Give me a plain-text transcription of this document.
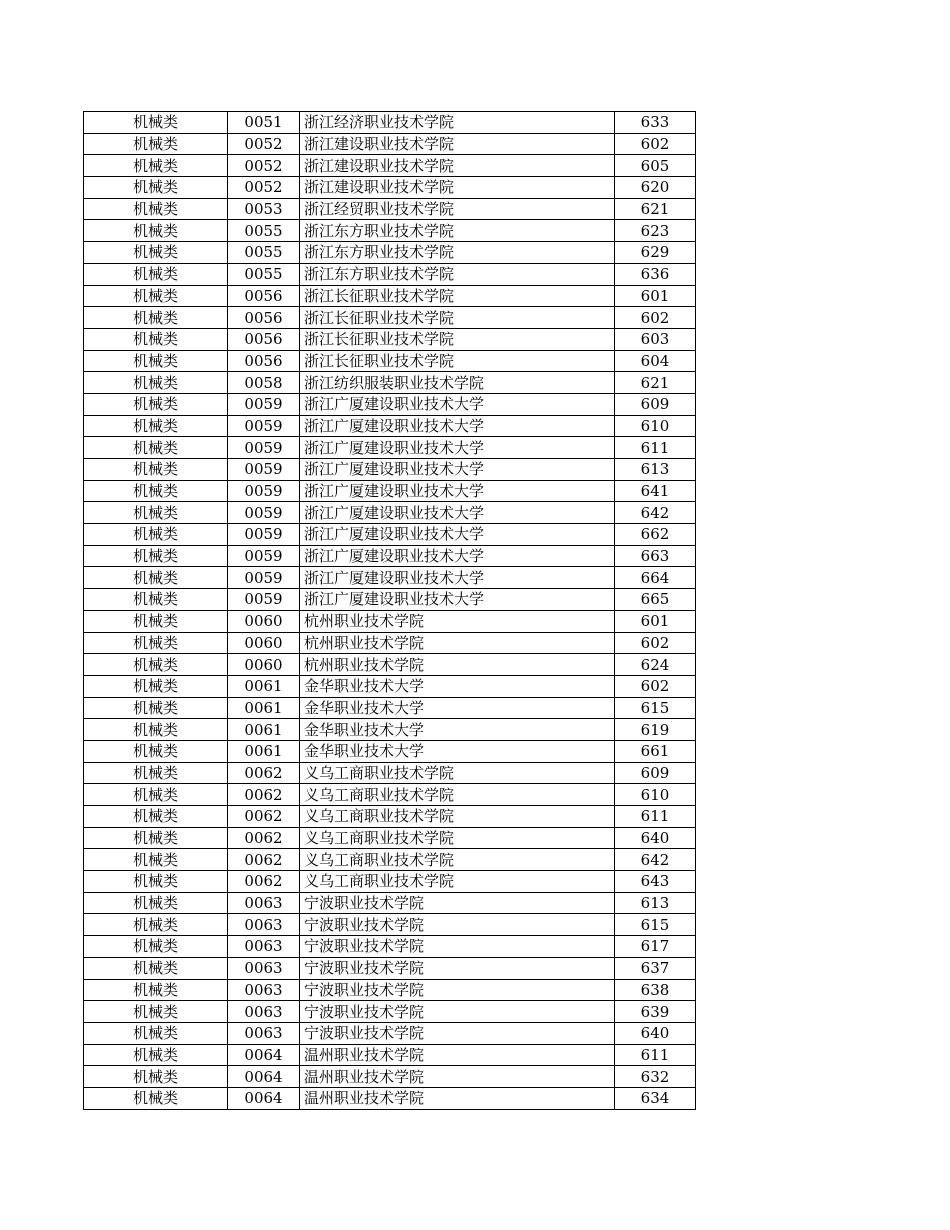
机械类	0051	浙江经济职业技术学院	633
机械类	0052	浙江建设职业技术学院	602
机械类	0052	浙江建设职业技术学院	605
机械类	0052	浙江建设职业技术学院	620
机械类	0053	浙江经贸职业技术学院	621
机械类	0055	浙江东方职业技术学院	623
机械类	0055	浙江东方职业技术学院	629
机械类	0055	浙江东方职业技术学院	636
机械类	0056	浙江长征职业技术学院	601
机械类	0056	浙江长征职业技术学院	602
机械类	0056	浙江长征职业技术学院	603
机械类	0056	浙江长征职业技术学院	604
机械类	0058	浙江纺织服装职业技术学院	621
机械类	0059	浙江广厦建设职业技术大学	609
机械类	0059	浙江广厦建设职业技术大学	610
机械类	0059	浙江广厦建设职业技术大学	611
机械类	0059	浙江广厦建设职业技术大学	613
机械类	0059	浙江广厦建设职业技术大学	641
机械类	0059	浙江广厦建设职业技术大学	642
机械类	0059	浙江广厦建设职业技术大学	662
机械类	0059	浙江广厦建设职业技术大学	663
机械类	0059	浙江广厦建设职业技术大学	664
机械类	0059	浙江广厦建设职业技术大学	665
机械类	0060	杭州职业技术学院	601
机械类	0060	杭州职业技术学院	602
机械类	0060	杭州职业技术学院	624
机械类	0061	金华职业技术大学	602
机械类	0061	金华职业技术大学	615
机械类	0061	金华职业技术大学	619
机械类	0061	金华职业技术大学	661
机械类	0062	义乌工商职业技术学院	609
机械类	0062	义乌工商职业技术学院	610
机械类	0062	义乌工商职业技术学院	611
机械类	0062	义乌工商职业技术学院	640
机械类	0062	义乌工商职业技术学院	642
机械类	0062	义乌工商职业技术学院	643
机械类	0063	宁波职业技术学院	613
机械类	0063	宁波职业技术学院	615
机械类	0063	宁波职业技术学院	617
机械类	0063	宁波职业技术学院	637
机械类	0063	宁波职业技术学院	638
机械类	0063	宁波职业技术学院	639
机械类	0063	宁波职业技术学院	640
机械类	0064	温州职业技术学院	611
机械类	0064	温州职业技术学院	632
机械类	0064	温州职业技术学院	634
